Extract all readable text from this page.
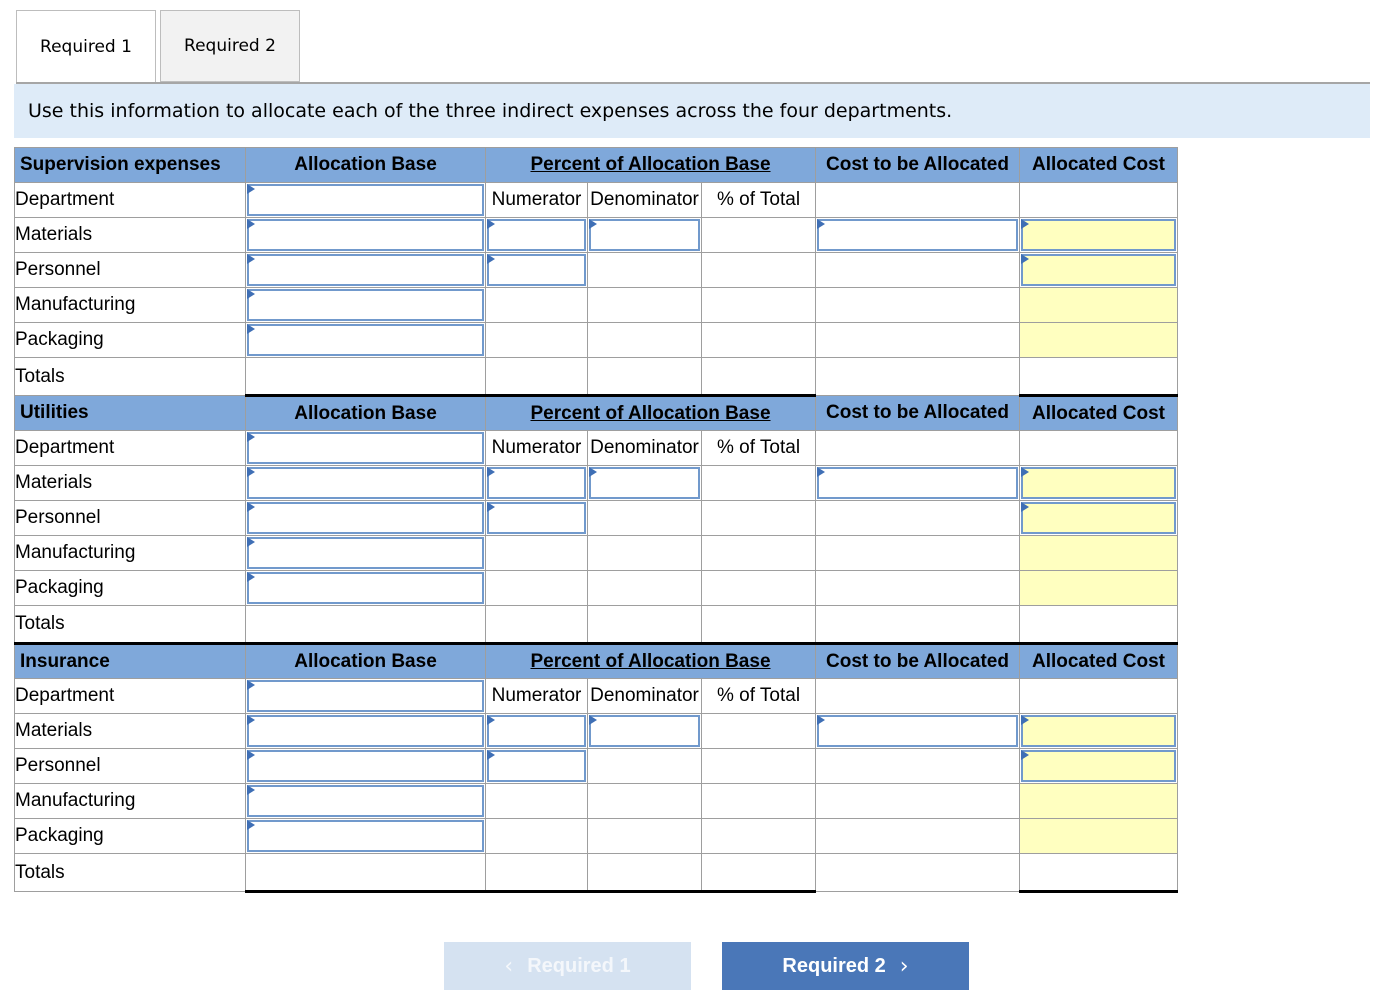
Required 1	Required 2
Use this information to allocate each of the three indirect expenses across the four departments.
Supervision expenses	Allocation Base	Percent of Allocation Base			Cost to be Allocated	Allocated Cost
Department		Numerator	Denominator	% of Total		
Materials	

Personnel	

Manufacturing	

Packaging	

Totals						
Utilities	Allocation Base	Percent of Allocation Base			Cost to be Allocated	Allocated Cost
Department		Numerator	Denominator	% of Total		
Materials	

Personnel	

Manufacturing	

Packaging	

Totals						
Insurance	Allocation Base	Percent of Allocation Base			Cost to be Allocated	Allocated Cost
Department		Numerator	Denominator	% of Total		
Materials	

Personnel	

Manufacturing	

Packaging	

Totals						
‹ Required 1	Required 2 ›
